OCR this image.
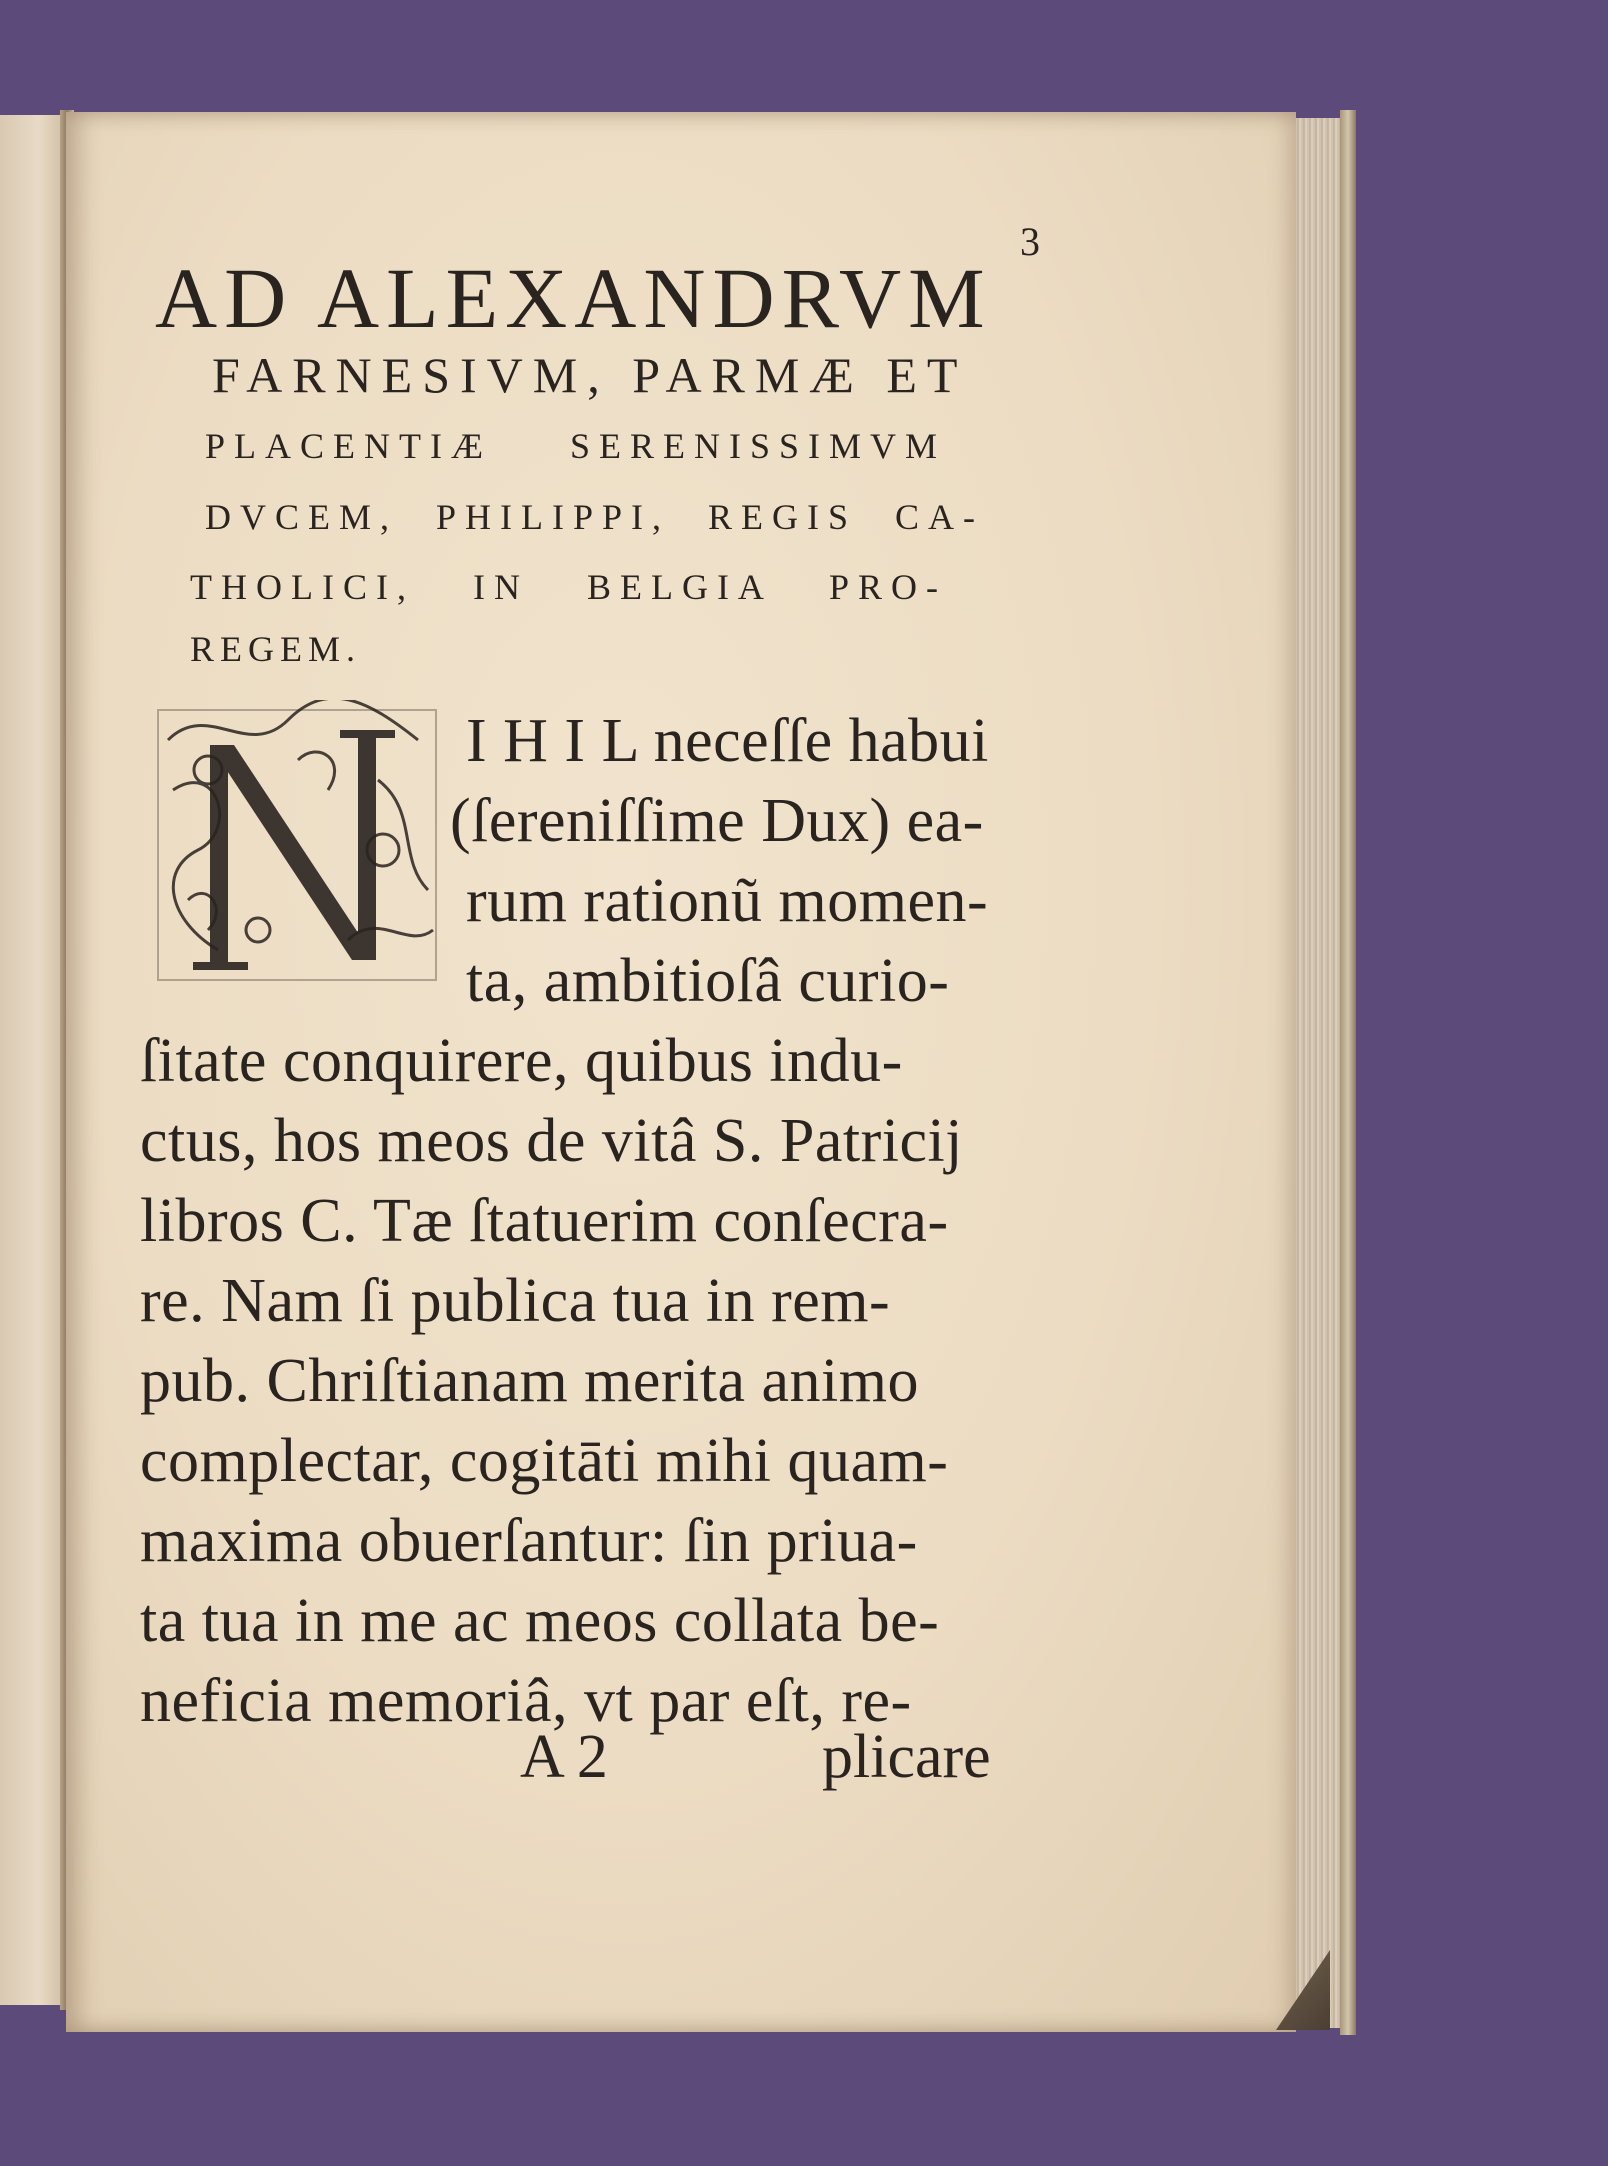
3
AD ALEXANDRVM
FARNESIVM, PARMÆ ET
PLACENTIÆ SERENISSIMVM
DVCEM, PHILIPPI, REGIS CA-
THOLICI, IN BELGIA PRO-
REGEM.
I H I L neceſſe habui
(ſereniſſime Dux) ea-
rum rationũ momen-
ta, ambitioſâ curio-
ſitate conquirere, quibus indu-
ctus, hos meos de vitâ S. Patricij
libros C. Tæ ſtatuerim conſecra-
re. Nam ſi publica tua in rem-
pub. Chriſtianam merita animo
complectar, cogitāti mihi quam-
maxima obuerſantur: ſin priua-
ta tua in me ac meos collata be-
neficia memoriâ, vt par eſt, re-
A 2	plicare
